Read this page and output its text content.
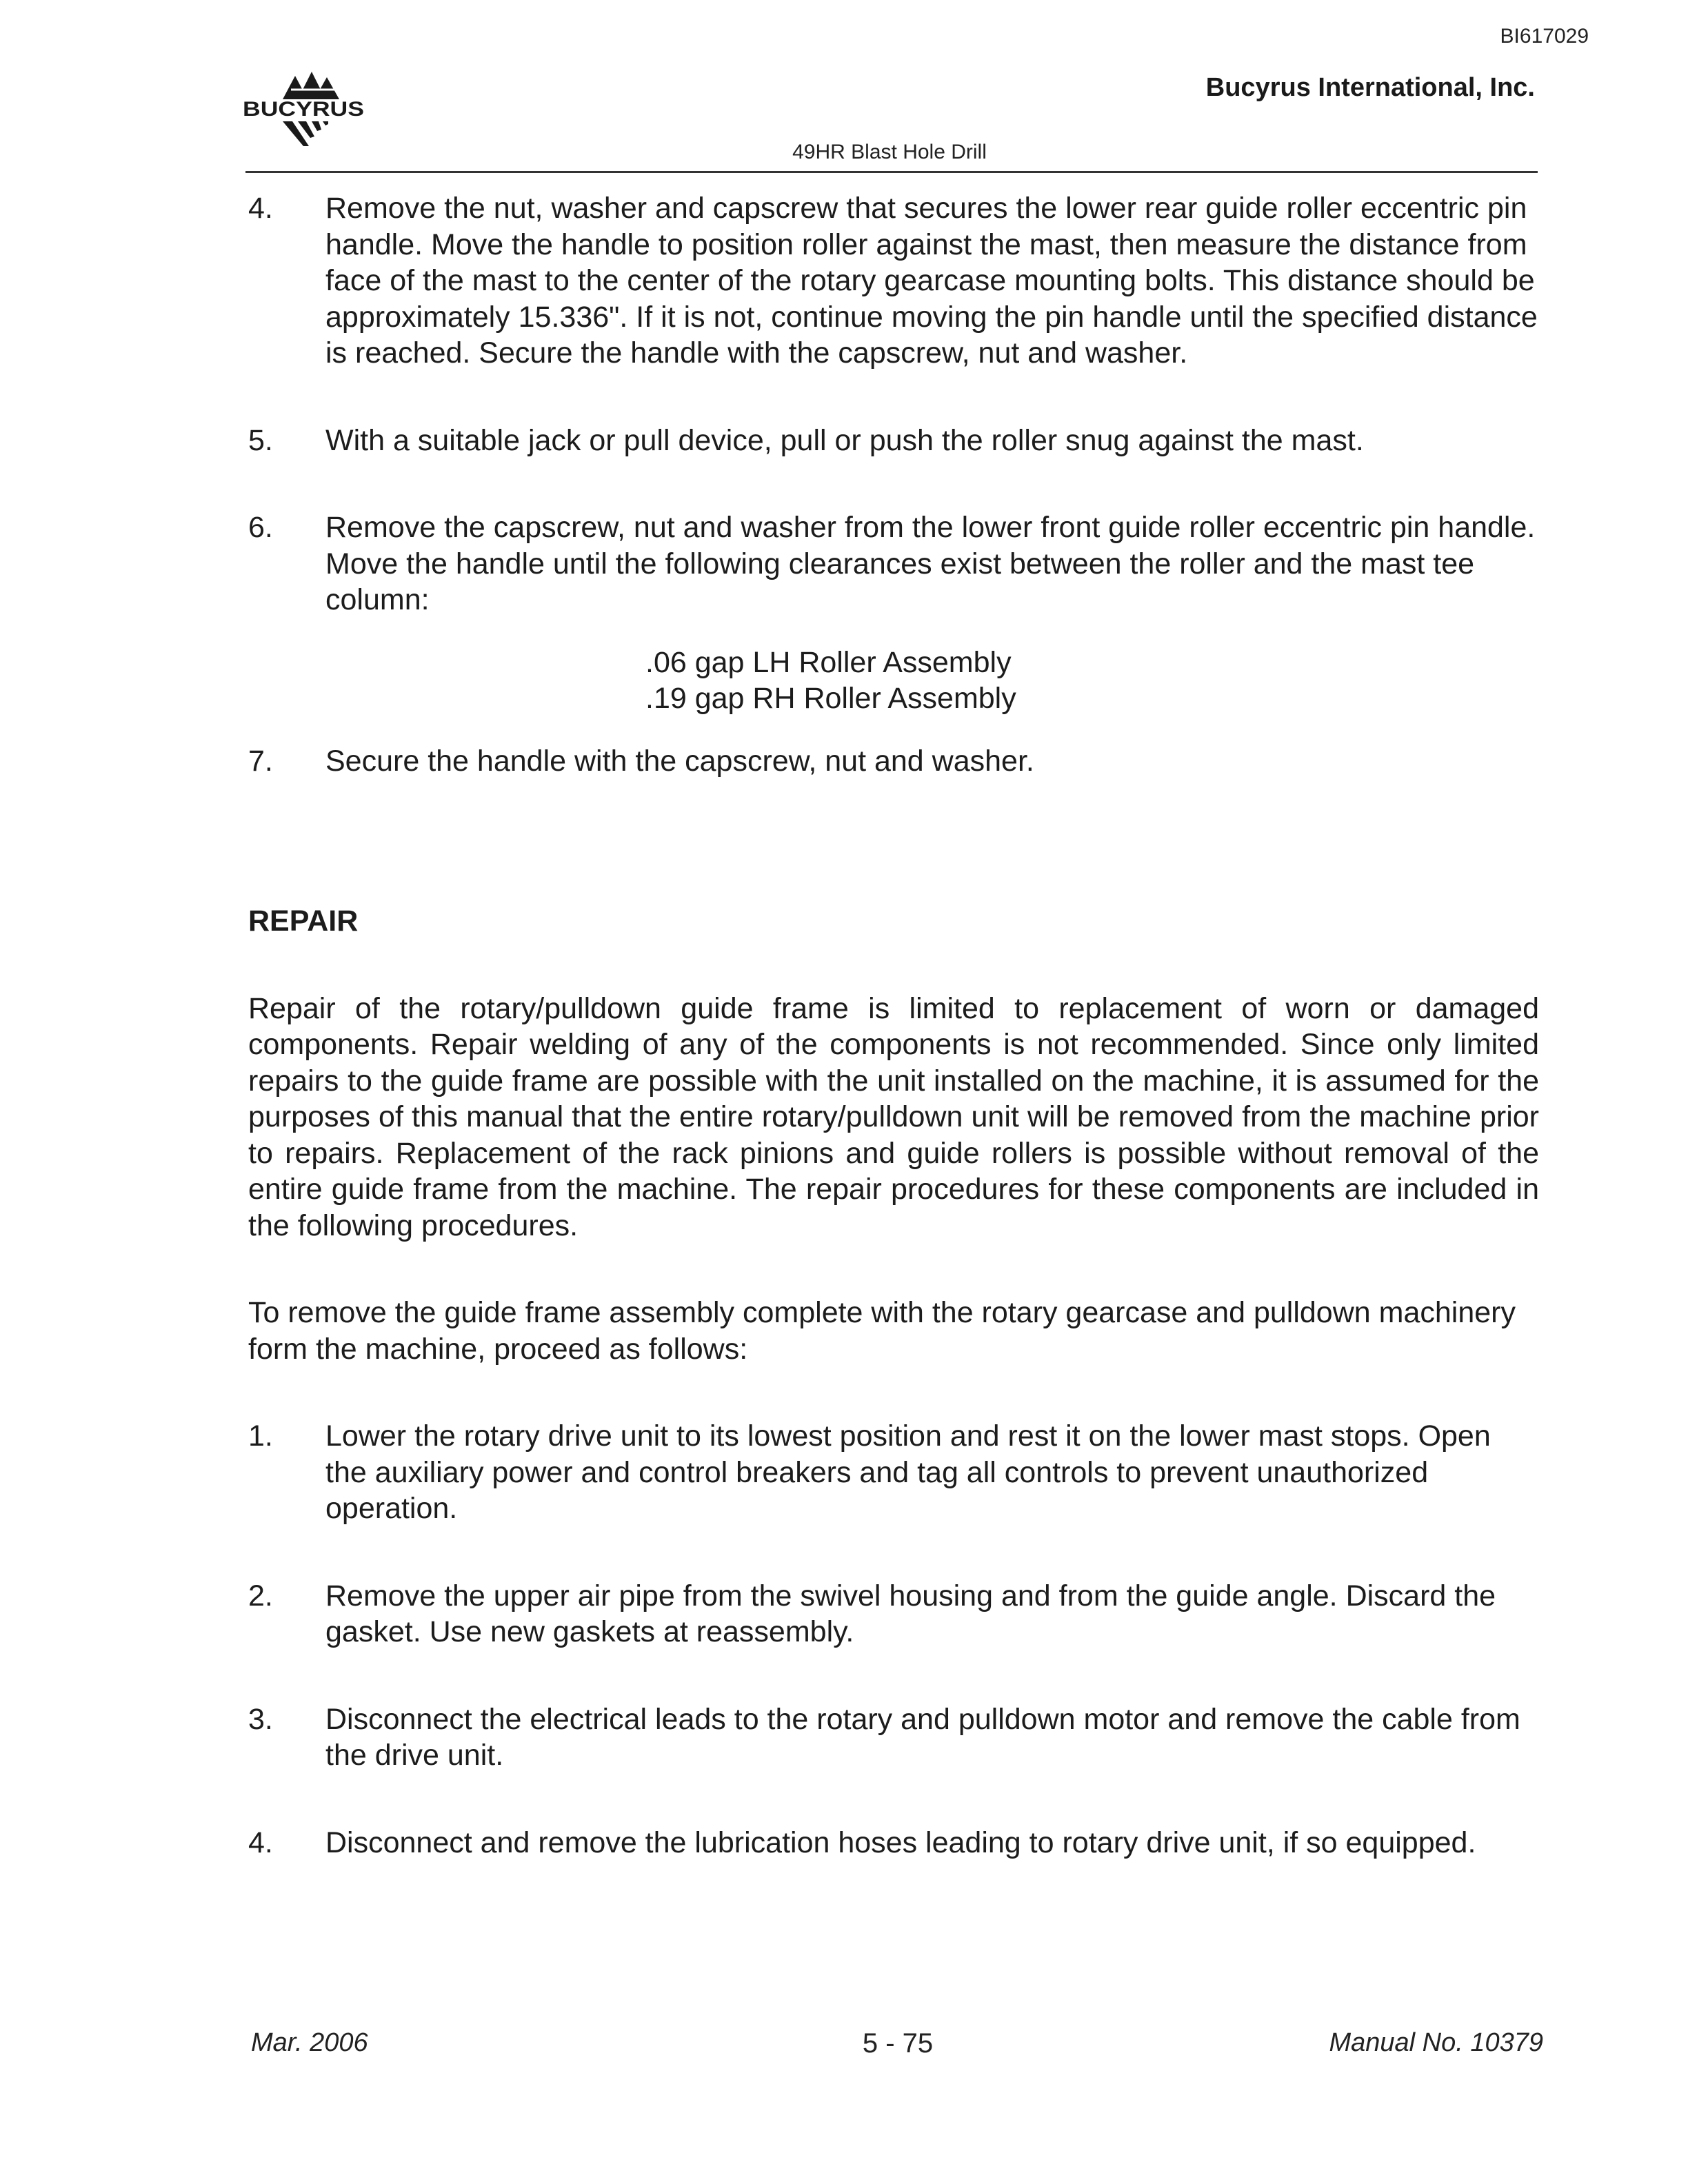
BI617029
BUCYRUS
Bucyrus International, Inc.
49HR Blast Hole Drill
4.	Remove the nut, washer and capscrew that secures the lower rear guide roller eccentric pin handle. Move the handle to position roller against the mast, then measure the distance from face of the mast to the center of the rotary gearcase mounting bolts. This distance should be approximately 15.336". If it is not, continue moving the pin handle until the specified distance is reached. Secure the handle with the capscrew, nut and washer.
5.	With a suitable jack or pull device, pull or push the roller snug against the mast.
6.	Remove the capscrew, nut and washer from the lower front guide roller eccentric pin handle. Move the handle until the following clearances exist between the roller and the mast tee column:
.06 gap LH Roller Assembly
.19 gap RH Roller Assembly
7.	Secure the handle with the capscrew, nut and washer.
REPAIR
Repair of the rotary/pulldown guide frame is limited to replacement of worn or damaged components. Repair welding of any of the components is not recommended. Since only limited repairs to the guide frame are possible with the unit installed on the machine, it is assumed for the purposes of this manual that the entire rotary/pulldown unit will be removed from the machine prior to repairs. Replacement of the rack pinions and guide rollers is possible without removal of the entire guide frame from the machine. The repair procedures for these components are included in the following procedures.
To remove the guide frame assembly complete with the rotary gearcase and pulldown machinery form the machine, proceed as follows:
1.	Lower the rotary drive unit to its lowest position and rest it on the lower mast stops. Open the auxiliary power and control breakers and tag all controls to prevent unauthorized operation.
2.	Remove the upper air pipe from the swivel housing and from the guide angle. Discard the gasket. Use new gaskets at reassembly.
3.	Disconnect the electrical leads to the rotary and pulldown motor and remove the cable from the drive unit.
4.	Disconnect and remove the lubrication hoses leading to rotary drive unit, if so equipped.
Mar. 2006	5 - 75	Manual No. 10379
